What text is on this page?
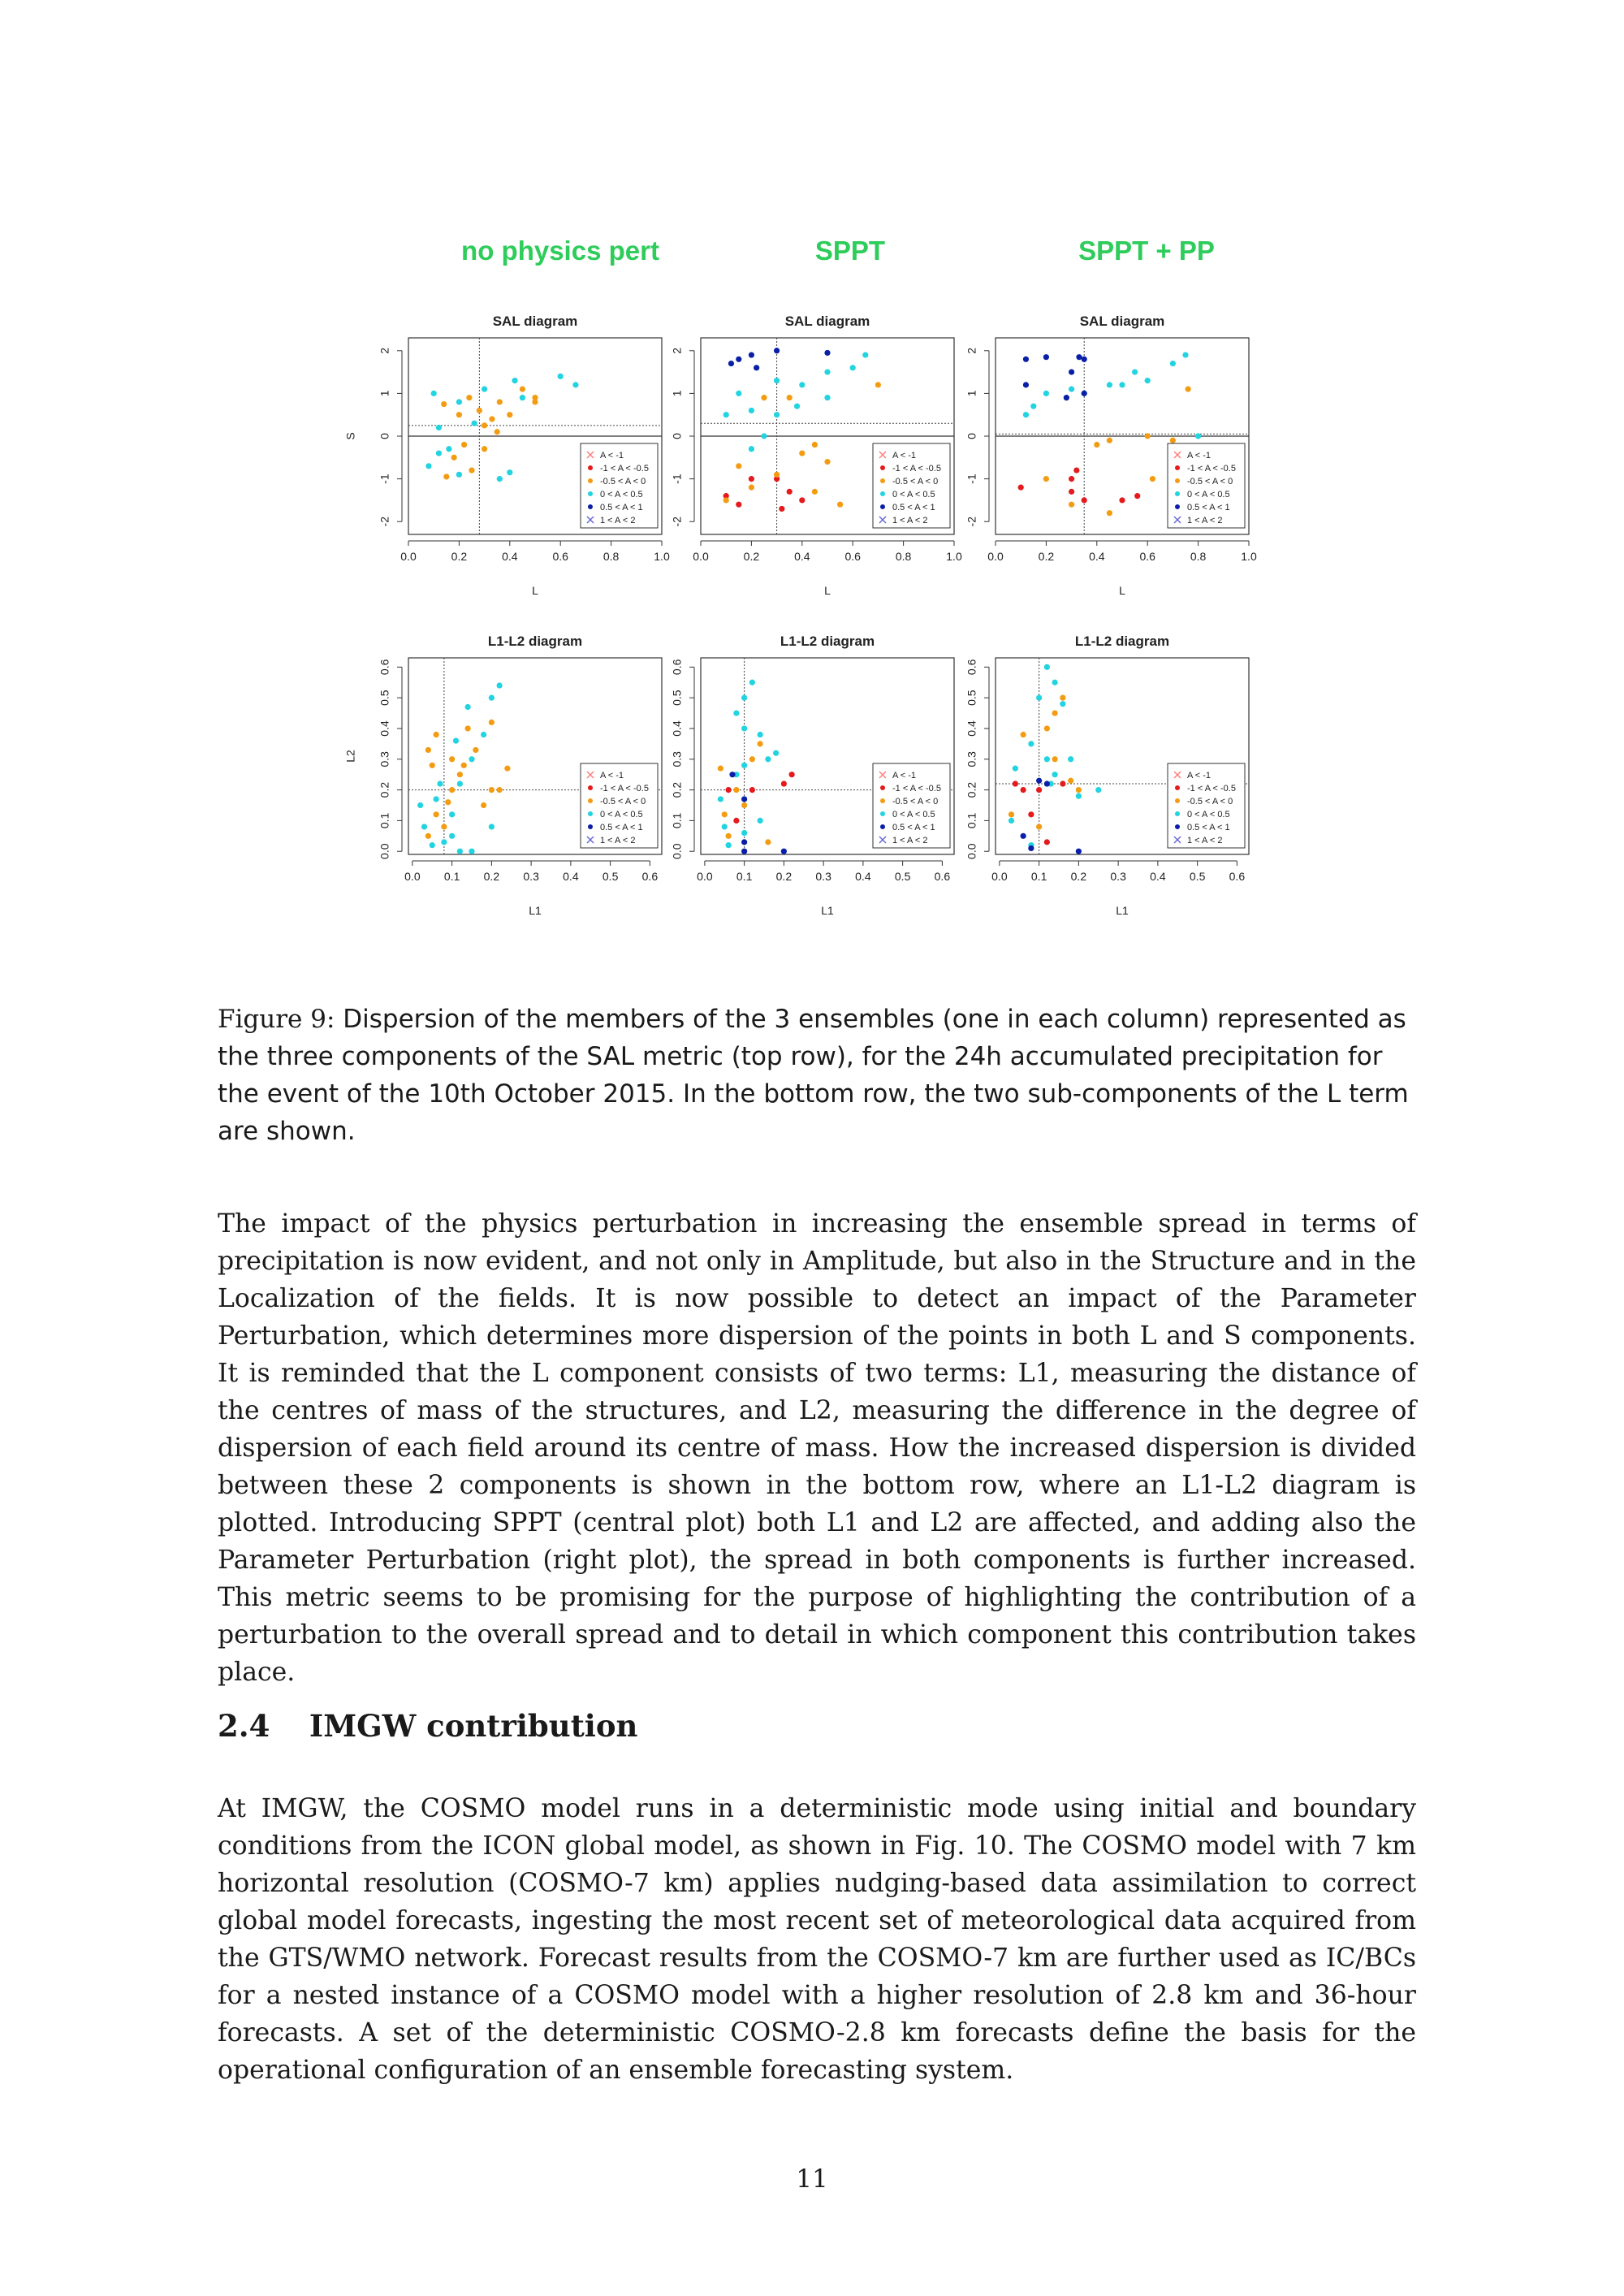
no physics pert	SPPT	SPPT + PP
SAL diagram
0.0	0.2	0.4	0.6	0.8	1.0
L
-2
-1
0
1
2
S
A < -1
-1 < A < -0.5
-0.5 < A < 0
0 < A < 0.5
0.5 < A < 1
1 < A < 2
SAL diagram
0.0	0.2	0.4	0.6	0.8	1.0
L
-2
-1
0
1
2
A < -1
-1 < A < -0.5
-0.5 < A < 0
0 < A < 0.5
0.5 < A < 1
1 < A < 2
SAL diagram
0.0	0.2	0.4	0.6	0.8	1.0
L
-2
-1
0
1
2
A < -1
-1 < A < -0.5
-0.5 < A < 0
0 < A < 0.5
0.5 < A < 1
1 < A < 2
L1-L2 diagram
0.0 0.1 0.2 0.3 0.4 0.5 0.6
L1
0.0
0.1
0.2
0.3
0.4
0.5
0.6
L2
A < -1
-1 < A < -0.5
-0.5 < A < 0
0 < A < 0.5
0.5 < A < 1
1 < A < 2
L1-L2 diagram
0.0 0.1 0.2 0.3 0.4 0.5 0.6
L1
0.0
0.1
0.2
0.3
0.4
0.5
0.6
A < -1
-1 < A < -0.5
-0.5 < A < 0
0 < A < 0.5
0.5 < A < 1
1 < A < 2
L1-L2 diagram
0.0 0.1 0.2 0.3 0.4 0.5 0.6
L1
0.0
0.1
0.2
0.3
0.4
0.5
0.6
A < -1
-1 < A < -0.5
-0.5 < A < 0
0 < A < 0.5
0.5 < A < 1
1 < A < 2
Figure 9: Dispersion of the members of the 3 ensembles (one in each column) represented as the three components of the SAL metric (top row), for the 24h accumulated precipitation for the event of the 10th October 2015. In the bottom row, the two sub-components of the L term are shown.

The impact of the physics perturbation in increasing the ensemble spread in terms of precipitation is now evident, and not only in Amplitude, but also in the Structure and in the Localization of the fields. It is now possible to detect an impact of the Parameter Perturbation, which determines more dispersion of the points in both L and S components. It is reminded that the L component consists of two terms: L1, measuring the distance of the centres of mass of the structures, and L2, measuring the difference in the degree of dispersion of each field around its centre of mass. How the increased dispersion is divided between these 2 components is shown in the bottom row, where an L1-L2 diagram is plotted. Introducing SPPT (central plot) both L1 and L2 are affected, and adding also the Parameter Perturbation (right plot), the spread in both components is further increased. This metric seems to be promising for the purpose of highlighting the contribution of a perturbation to the overall spread and to detail in which component this contribution takes place.

2.4 IMGW contribution

At IMGW, the COSMO model runs in a deterministic mode using initial and boundary conditions from the ICON global model, as shown in Fig. 10. The COSMO model with 7 km horizontal resolution (COSMO-7 km) applies nudging-based data assimilation to correct global model forecasts, ingesting the most recent set of meteorological data acquired from the GTS/WMO network. Forecast results from the COSMO-7 km are further used as IC/BCs for a nested instance of a COSMO model with a higher resolution of 2.8 km and 36-hour forecasts. A set of the deterministic COSMO-2.8 km forecasts define the basis for the operational configuration of an ensemble forecasting system.

11
